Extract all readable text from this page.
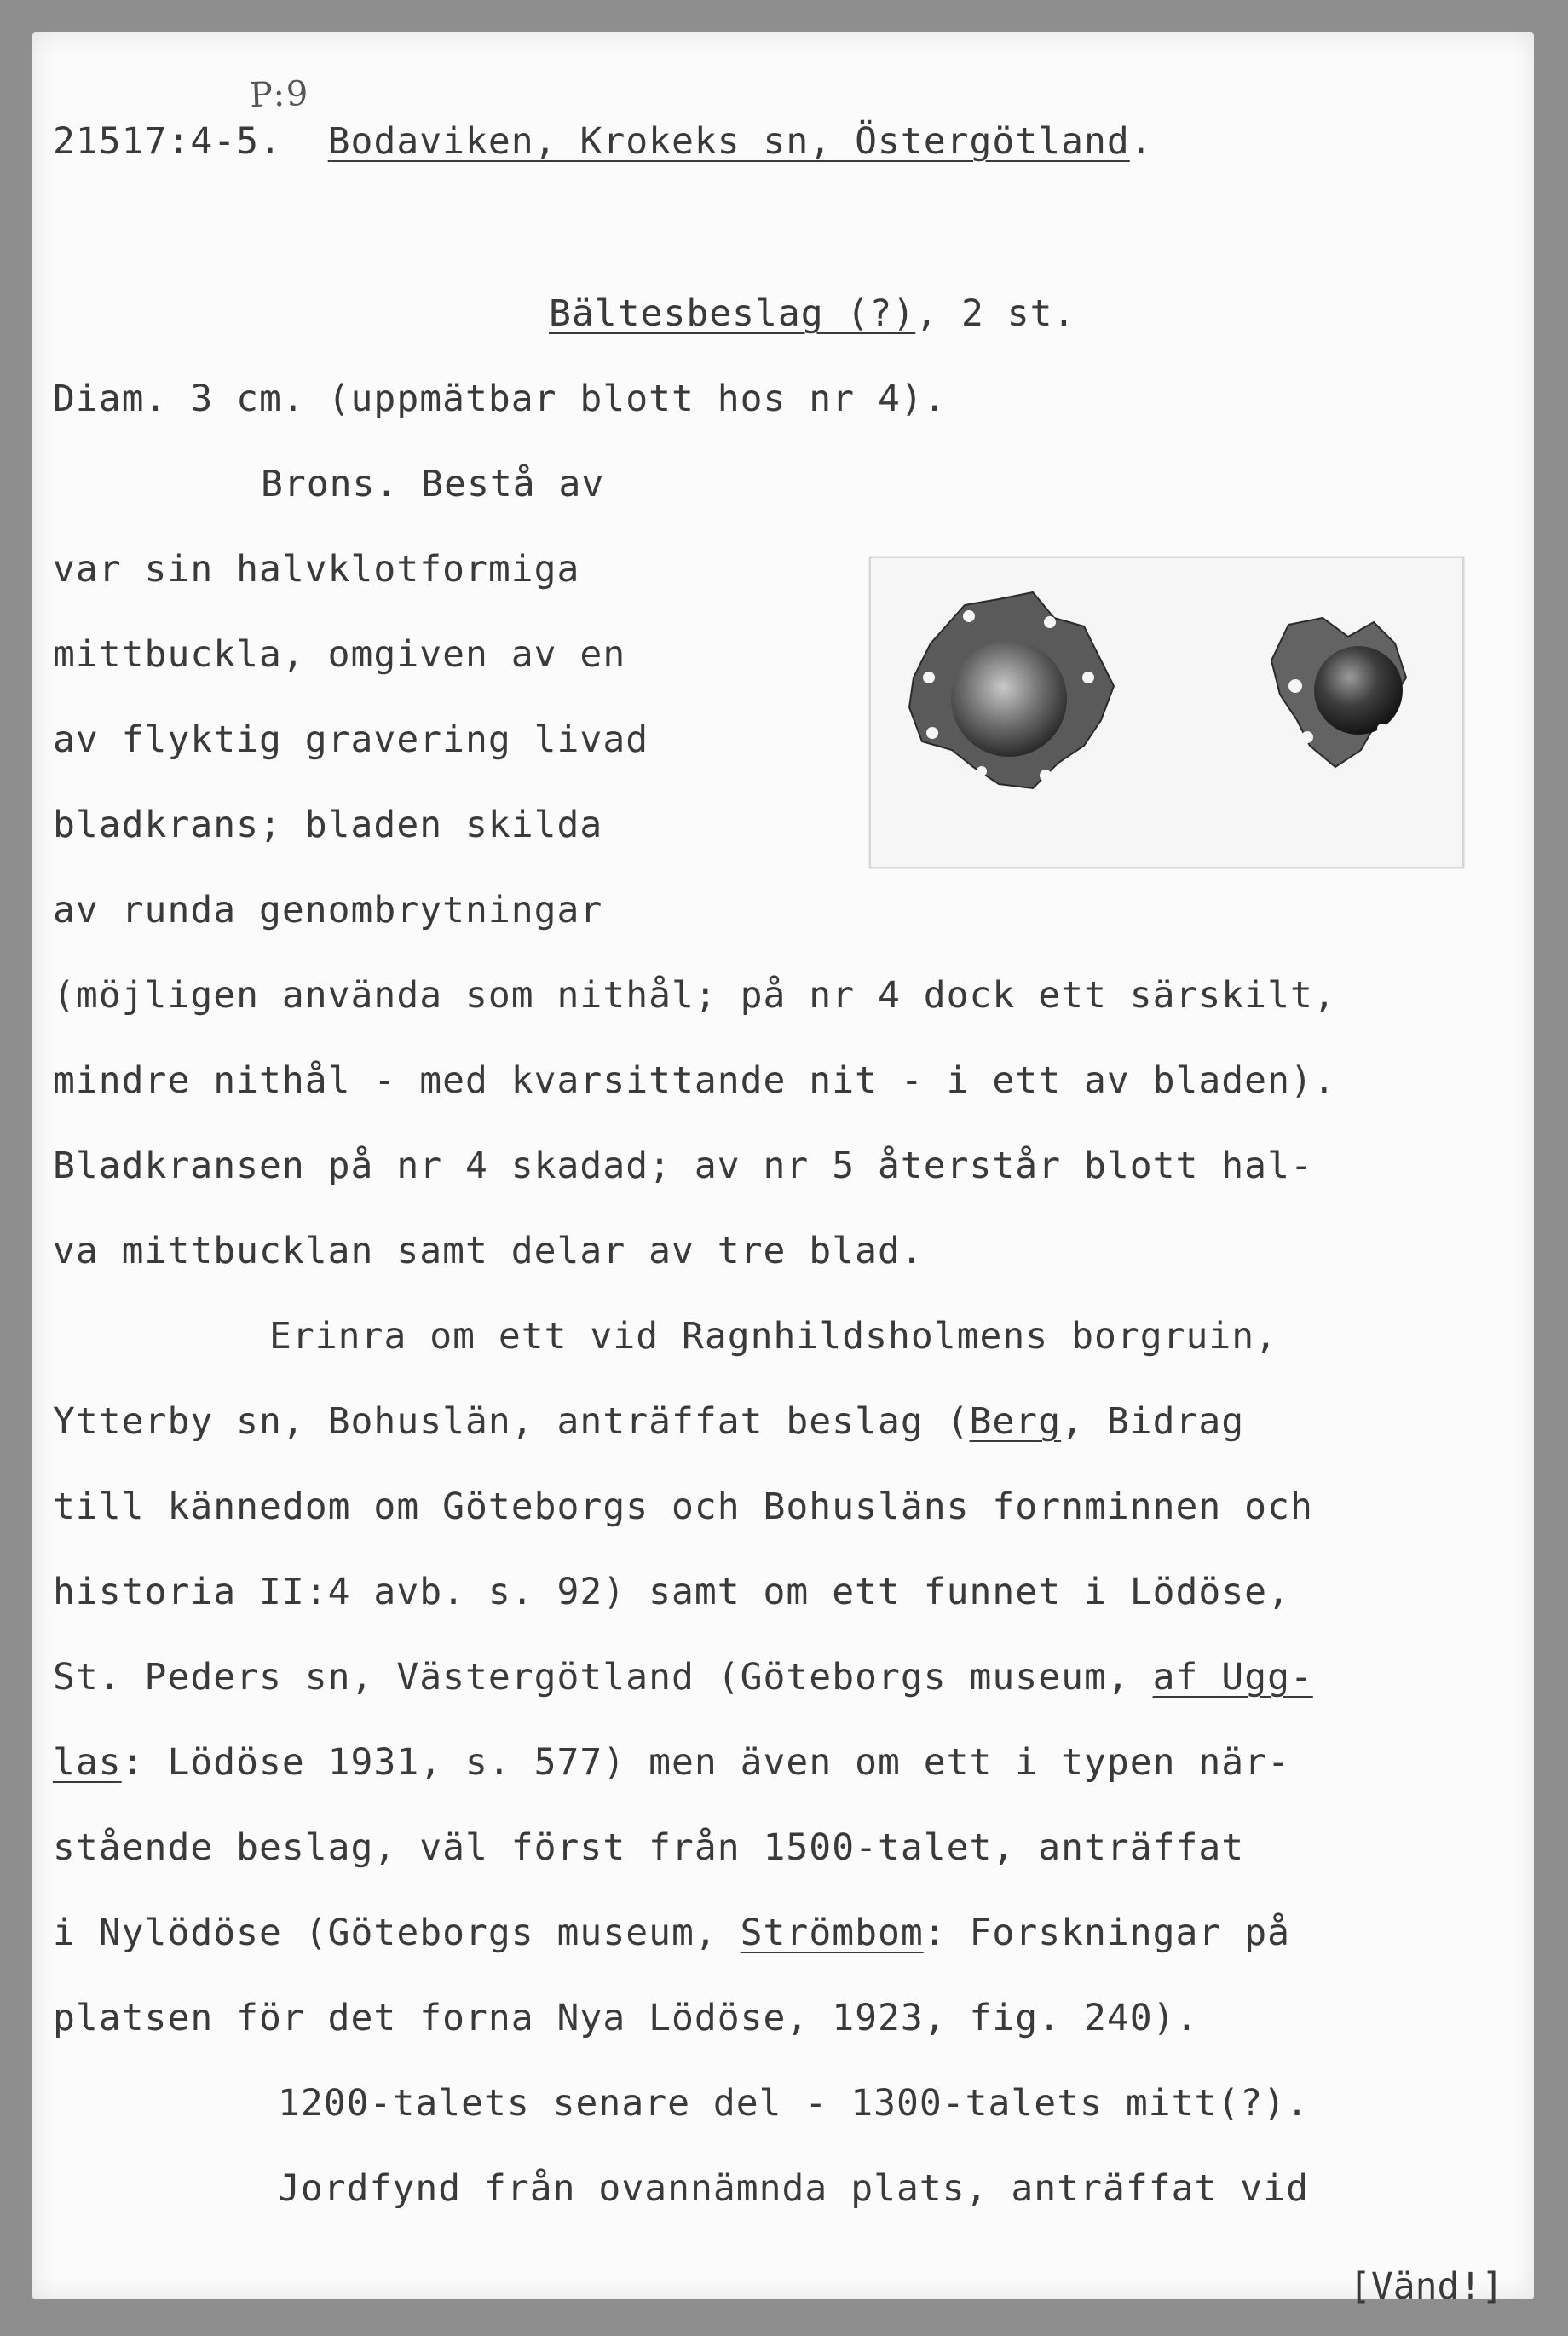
P:9
21517:4-5. Bodaviken, Krokeks sn, Östergötland.
Bältesbeslag (?), 2 st.
Diam. 3 cm. (uppmätbar blott hos nr 4).
Brons. Bestå av
var sin halvklotformiga
mittbuckla, omgiven av en
av flyktig gravering livad
bladkrans; bladen skilda
av runda genombrytningar
(möjligen använda som nithål; på nr 4 dock ett särskilt,
mindre nithål - med kvarsittande nit - i ett av bladen).
Bladkransen på nr 4 skadad; av nr 5 återstår blott hal-
va mittbucklan samt delar av tre blad.
Erinra om ett vid Ragnhildsholmens borgruin,
Ytterby sn, Bohuslän, anträffat beslag (Berg, Bidrag
till kännedom om Göteborgs och Bohusläns fornminnen och
historia II:4 avb. s. 92) samt om ett funnet i Lödöse,
St. Peders sn, Västergötland (Göteborgs museum, af Ugg-
las: Lödöse 1931, s. 577) men även om ett i typen när-
stående beslag, väl först från 1500-talet, anträffat
i Nylödöse (Göteborgs museum, Strömbom: Forskningar på
platsen för det forna Nya Lödöse, 1923, fig. 240).
1200-talets senare del - 1300-talets mitt(?).
Jordfynd från ovannämnda plats, anträffat vid
[Vänd!]
